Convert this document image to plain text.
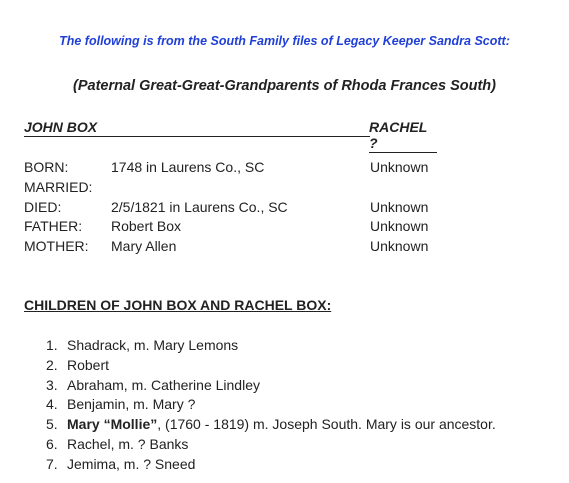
The following is from the South Family files of Legacy Keeper Sandra Scott:
(Paternal Great-Great-Grandparents of Rhoda Frances South)
JOHN BOX	RACHEL ?
BORN:	1748 in Laurens Co., SC	Unknown
MARRIED:
DIED:	2/5/1821 in Laurens Co., SC	Unknown
FATHER: Robert Box	Unknown
MOTHER: Mary Allen	Unknown
CHILDREN OF JOHN BOX AND RACHEL BOX:
1. Shadrack, m. Mary Lemons
2. Robert
3. Abraham, m. Catherine Lindley
4. Benjamin, m. Mary ?
5. Mary “Mollie”, (1760 - 1819) m. Joseph South. Mary is our ancestor.
6. Rachel, m. ? Banks
7. Jemima, m. ? Sneed
